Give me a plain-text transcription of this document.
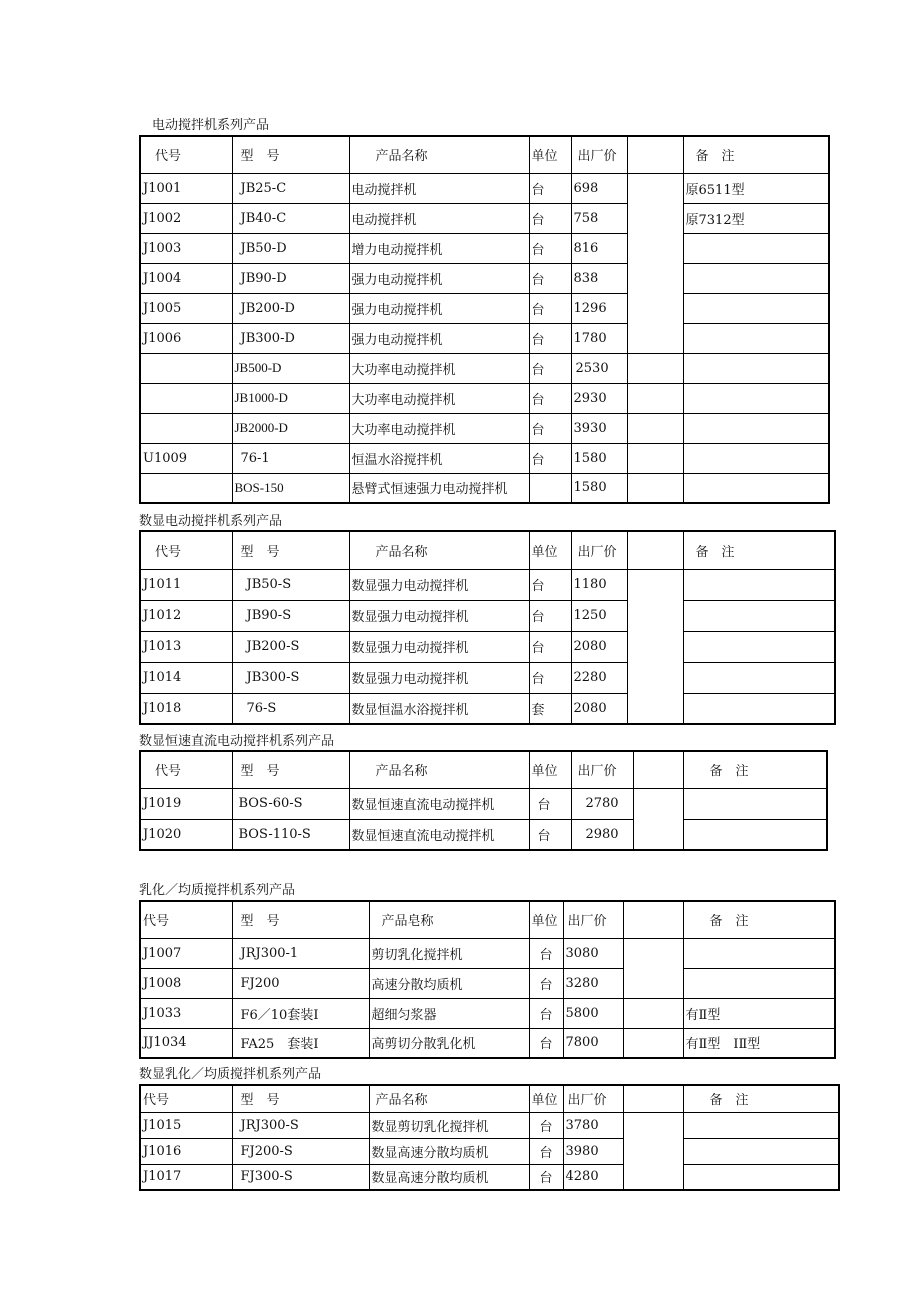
电动搅拌机系列产品
代号	型　号	产品名称	单位	出厂价		备　注
J1001	JB25-C	电动搅拌机	台	698		原6511型
J1002	JB40-C	电动搅拌机	台	758		原7312型
J1003	JB50-D	增力电动搅拌机	台	816		
J1004	JB90-D	强力电动搅拌机	台	838		
J1005	JB200-D	强力电动搅拌机	台	1296		
J1006	JB300-D	强力电动搅拌机	台	1780		
	JB500-D	大功率电动搅拌机	台	2530		
	JB1000-D	大功率电动搅拌机	台	2930		
	JB2000-D	大功率电动搅拌机	台	3930		
U1009	76-1	恒温水浴搅拌机	台	1580		
	BOS-150	悬臂式恒速强力电动搅拌机		1580		
数显电动搅拌机系列产品
代号	型　号	产品名称	单位	出厂价		备　注
J1011	JB50-S	数显强力电动搅拌机	台	1180		
J1012	JB90-S	数显强力电动搅拌机	台	1250		
J1013	JB200-S	数显强力电动搅拌机	台	2080		
J1014	JB300-S	数显强力电动搅拌机	台	2280		
J1018	76-S	数显恒温水浴搅拌机	套	2080		
数显恒速直流电动搅拌机系列产品
代号	型　号	产品名称	单位	出厂价		备　注
J1019	BOS-60-S	数显恒速直流电动搅拌机	台	2780		
J1020	BOS-110-S	数显恒速直流电动搅拌机	台	2980		
乳化／均质搅拌机系列产品
代号	型　号	产品皂称	单位	出厂价		备　注
J1007	JRJ300-1	剪切乳化搅拌机	台	3080		
J1008	FJ200	高速分散均质机	台	3280		
J1033	F6／10套装I	超细匀浆器	台	5800		有Ⅱ型
JJ1034	FA25　套装I	高剪切分散乳化机	台	7800		有Ⅱ型　ⅠⅡ型
数显乳化／均质搅拌机系列产品
代号	型　号	产品名称	单位	出厂价		备　注
J1015	JRJ300-S	数显剪切乳化搅拌机	台	3780		
J1016	FJ200-S	数显高速分散均质机	台	3980		
J1017	FJ300-S	数显高速分散均质机	台	4280		
